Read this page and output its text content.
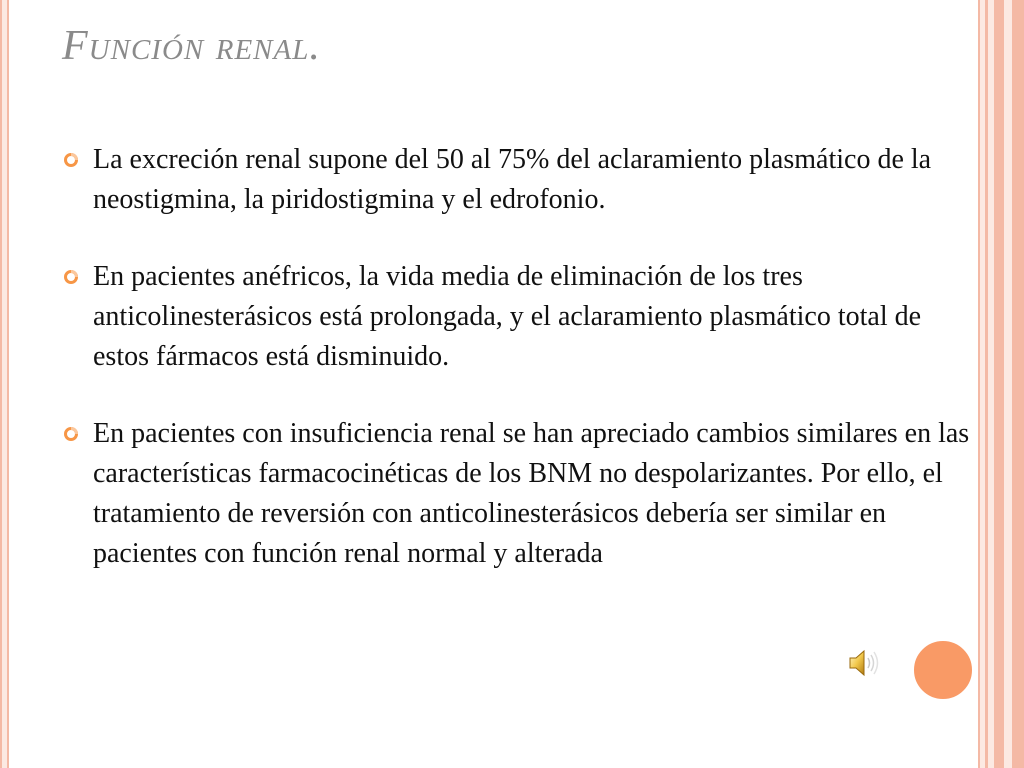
Función renal.
La excreción renal supone del 50 al 75% del aclaramiento plasmático de la neostigmina, la piridostigmina y el edrofonio.
En pacientes anéfricos, la vida media de eliminación de los tres anticolinesterásicos está prolongada, y el aclaramiento plasmático total de estos fármacos está disminuido.
En pacientes con insuficiencia renal se han apreciado cambios similares en las características farmacocinéticas de los BNM no despolarizantes. Por ello, el tratamiento de reversión con anticolinesterásicos debería ser similar en pacientes con función renal normal y alterada
